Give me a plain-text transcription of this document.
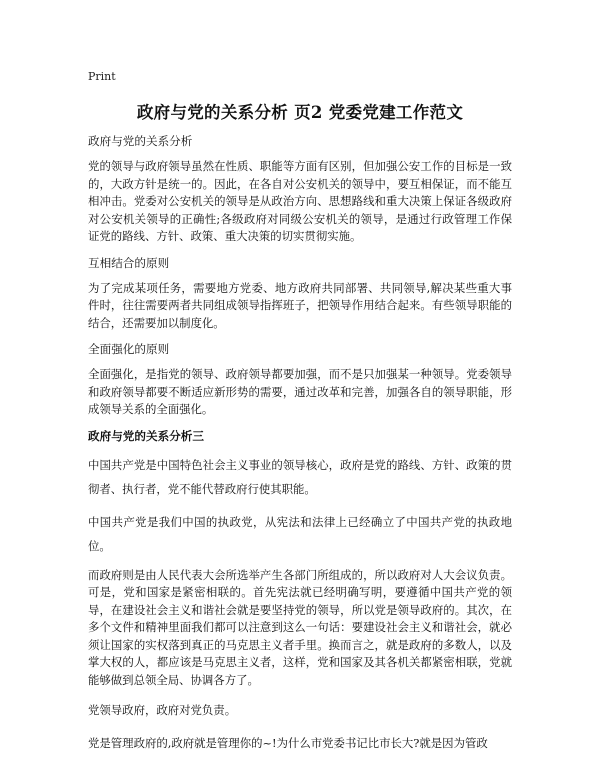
Print
政府与党的关系分析 页2 党委党建工作范文
政府与党的关系分析

党的领导与政府领导虽然在性质、职能等方面有区别，但加强公安工作的目标是一致的，大政方针是统一的。因此，在各自对公安机关的领导中，要互相保证，而不能互相冲击。党委对公安机关的领导是从政治方向、思想路线和重大决策上保证各级政府对公安机关领导的正确性;各级政府对同级公安机关的领导，是通过行政管理工作保证党的路线、方针、政策、重大决策的切实贯彻实施。

互相结合的原则

为了完成某项任务，需要地方党委、地方政府共同部署、共同领导,解决某些重大事件时，往往需要两者共同组成领导指挥班子，把领导作用结合起来。有些领导职能的结合，还需要加以制度化。

全面强化的原则

全面强化，是指党的领导、政府领导都要加强，而不是只加强某一种领导。党委领导和政府领导都要不断适应新形势的需要，通过改革和完善，加强各自的领导职能，形成领导关系的全面强化。

政府与党的关系分析三

中国共产党是中国特色社会主义事业的领导核心，政府是党的路线、方针、政策的贯彻者、执行者，党不能代替政府行使其职能。

中国共产党是我们中国的执政党，从宪法和法律上已经确立了中国共产党的执政地位。

而政府则是由人民代表大会所选举产生各部门所组成的，所以政府对人大会议负责。可是，党和国家是紧密相联的。首先宪法就已经明确写明，要遵循中国共产党的领导，在建设社会主义和谐社会就是要坚持党的领导，所以党是领导政府的。其次，在多个文件和精神里面我们都可以注意到这么一句话：要建设社会主义和谐社会，就必须让国家的实权落到真正的马克思主义者手里。换而言之，就是政府的多数人，以及掌大权的人，都应该是马克思主义者，这样，党和国家及其各机关都紧密相联，党就能够做到总领全局、协调各方了。

党领导政府，政府对党负责。

党是管理政府的,政府就是管理你的~!为什么市党委书记比市长大?就是因为管政
